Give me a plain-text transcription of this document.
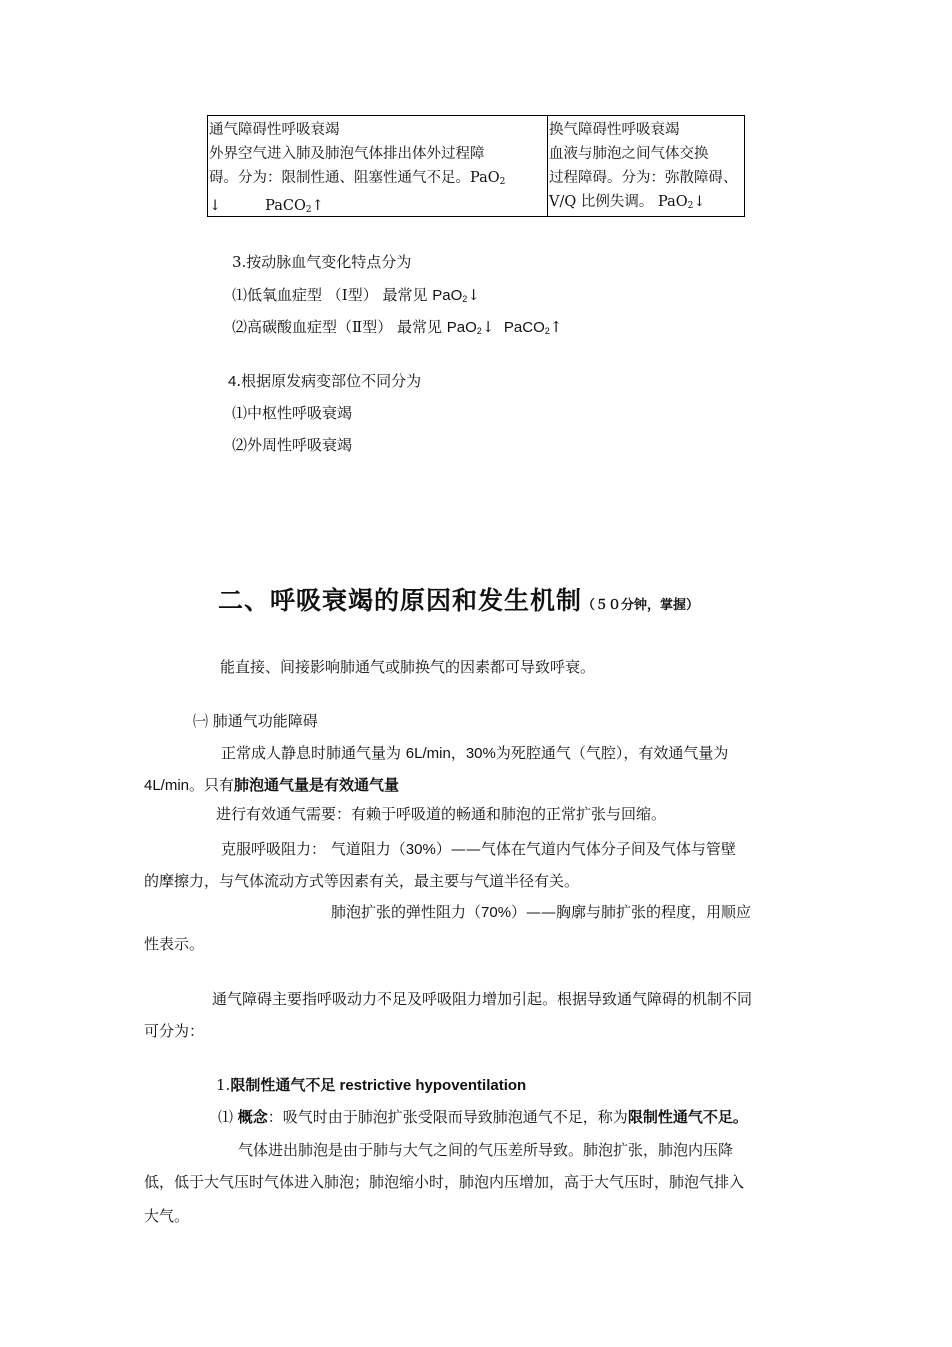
通气障碍性呼吸衰竭
外界空气进入肺及肺泡气体排出体外过程障
碍。分为：限制性通、阻塞性通气不足。PaO$_2$
↓	PaCO$_2$↑
换气障碍性呼吸衰竭
血液与肺泡之间气体交换
过程障碍。分为：弥散障碍、
V/Q 比例失调。 PaO$_2$↓
3.按动脉血气变化特点分为
⑴低氧血症型 （Ⅰ型） 最常见 PaO$_2$↓
⑵高碳酸血症型（Ⅱ型） 最常见 PaO$_2$↓ PaCO$_2$↑
4.根据原发病变部位不同分为
⑴中枢性呼吸衰竭
⑵外周性呼吸衰竭
二、呼吸衰竭的原因和发生机制（５０分钟，掌握）
能直接、间接影响肺通气或肺换气的因素都可导致呼衰。
㈠ 肺通气功能障碍
正常成人静息时肺通气量为 6L/min，30%为死腔通气（气腔），有效通气量为
4L/min。只有肺泡通气量是有效通气量
进行有效通气需要：有赖于呼吸道的畅通和肺泡的正常扩张与回缩。
克服呼吸阻力： 气道阻力（30%）——气体在气道内气体分子间及气体与管壁
的摩擦力，与气体流动方式等因素有关，最主要与气道半径有关。
肺泡扩张的弹性阻力（70%）——胸廓与肺扩张的程度，用顺应
性表示。
通气障碍主要指呼吸动力不足及呼吸阻力增加引起。根据导致通气障碍的机制不同
可分为：
1.限制性通气不足 restrictive hypoventilation
⑴ 概念：吸气时由于肺泡扩张受限而导致肺泡通气不足，称为限制性通气不足。
气体进出肺泡是由于肺与大气之间的气压差所导致。肺泡扩张，肺泡内压降
低，低于大气压时气体进入肺泡；肺泡缩小时，肺泡内压增加，高于大气压时，肺泡气排入
大气。
